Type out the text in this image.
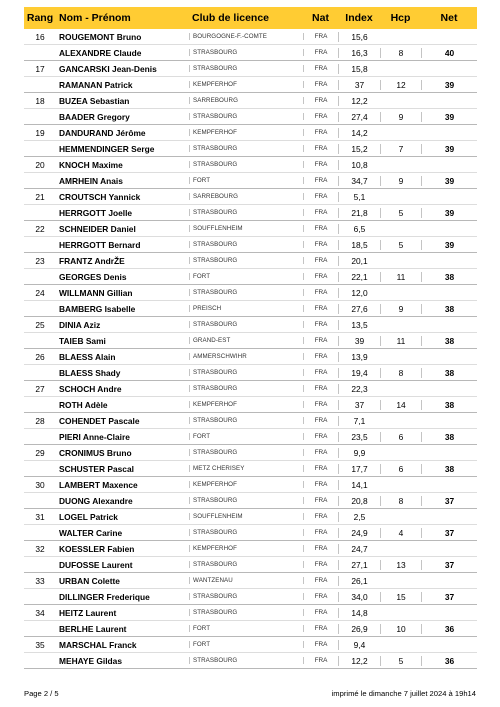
Rang Nom - Prénom	Club de licence	Nat	Index	Hcp	Net
16	ROUGEMONT Bruno	BOURGOGNE-F.-COMTE	FRA	15,6
ALEXANDRE Claude	STRASBOURG	FRA	16,3	8	40
17	GANCARSKI Jean-Denis	STRASBOURG	FRA	15,8
RAMANAN Patrick	KEMPFERHOF	FRA	37	12	39
18	BUZEA Sebastian	SARREBOURG	FRA	12,2
BAADER Gregory	STRASBOURG	FRA	27,4	9	39
19	DANDURAND Jérôme	KEMPFERHOF	FRA	14,2
HEMMENDINGER Serge	STRASBOURG	FRA	15,2	7	39
20	KNOCH Maxime	STRASBOURG	FRA	10,8
AMRHEIN Anais	FORT	FRA	34,7	9	39
21	CROUTSCH Yannick	SARREBOURG	FRA	5,1
HERRGOTT Joelle	STRASBOURG	FRA	21,8	5	39
22	SCHNEIDER Daniel	SOUFFLENHEIM	FRA	6,5
HERRGOTT Bernard	STRASBOURG	FRA	18,5	5	39
23	FRANTZ AndrŽE	STRASBOURG	FRA	20,1
GEORGES Denis	FORT	FRA	22,1	11	38
24	WILLMANN Gillian	STRASBOURG	FRA	12,0
BAMBERG Isabelle	PREISCH	FRA	27,6	9	38
25	DINIA Aziz	STRASBOURG	FRA	13,5
TAIEB Sami	GRAND-EST	FRA	39	11	38
26	BLAESS Alain	AMMERSCHWIHR	FRA	13,9
BLAESS Shady	STRASBOURG	FRA	19,4	8	38
27	SCHOCH Andre	STRASBOURG	FRA	22,3
ROTH Adèle	KEMPFERHOF	FRA	37	14	38
28	COHENDET Pascale	STRASBOURG	FRA	7,1
PIERI Anne-Claire	FORT	FRA	23,5	6	38
29	CRONIMUS Bruno	STRASBOURG	FRA	9,9
SCHUSTER Pascal	METZ CHERISEY	FRA	17,7	6	38
30	LAMBERT Maxence	KEMPFERHOF	FRA	14,1
DUONG Alexandre	STRASBOURG	FRA	20,8	8	37
31	LOGEL Patrick	SOUFFLENHEIM	FRA	2,5
WALTER Carine	STRASBOURG	FRA	24,9	4	37
32	KOESSLER Fabien	KEMPFERHOF	FRA	24,7
DUFOSSE Laurent	STRASBOURG	FRA	27,1	13	37
33	URBAN Colette	WANTZENAU	FRA	26,1
DILLINGER Frederique	STRASBOURG	FRA	34,0	15	37
34	HEITZ Laurent	STRASBOURG	FRA	14,8
BERLHE Laurent	FORT	FRA	26,9	10	36
35	MARSCHAL Franck	FORT	FRA	9,4
MEHAYE Gildas	STRASBOURG	FRA	12,2	5	36
Page 2 / 5	imprimé le dimanche 7 juillet 2024 à 19h14
